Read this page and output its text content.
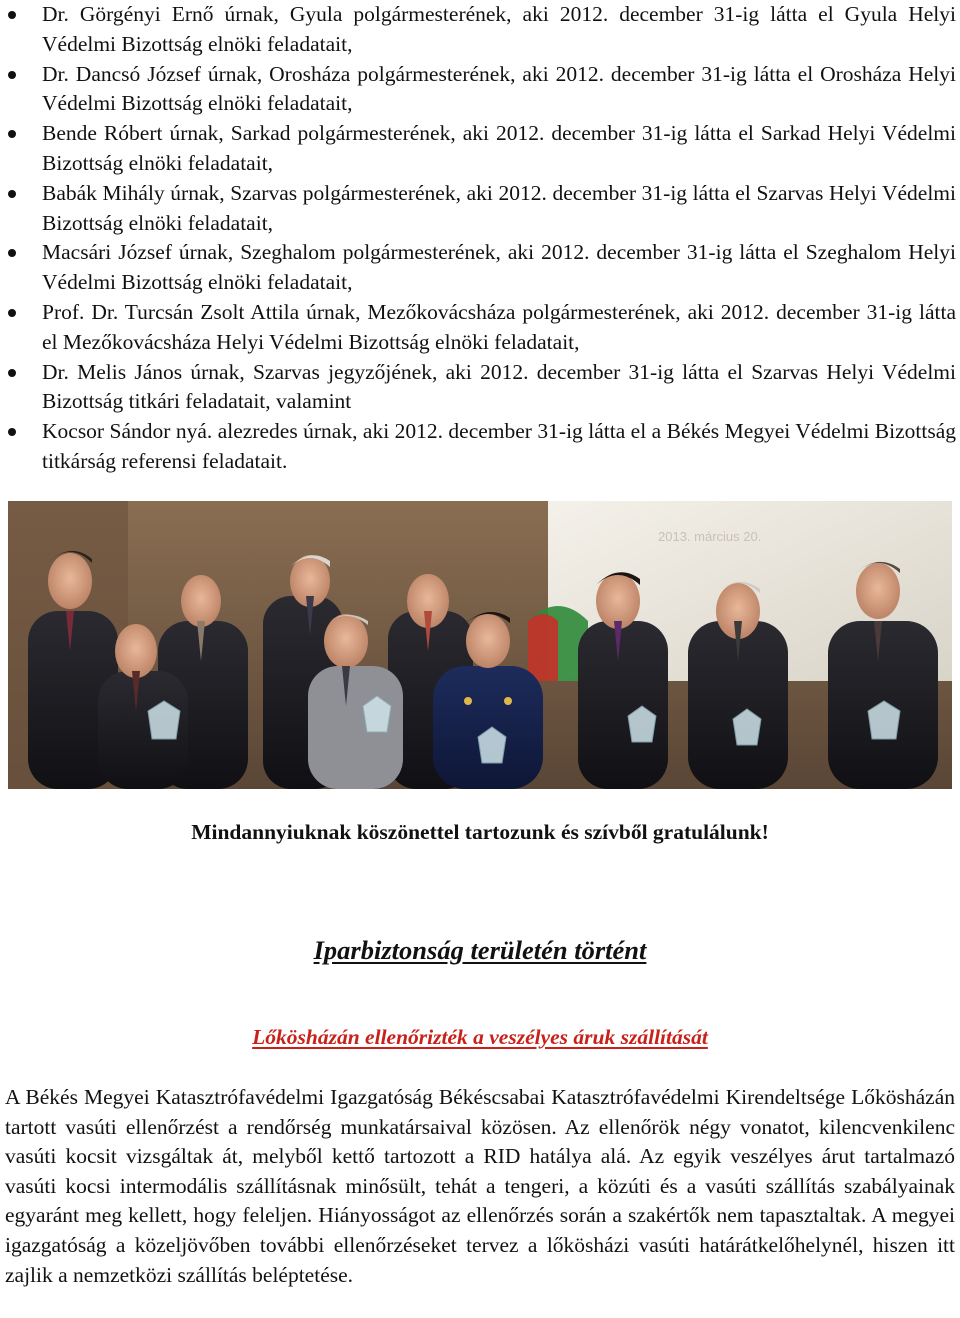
Dr. Görgényi Ernő úrnak, Gyula polgármesterének, aki 2012. december 31-ig látta el Gyula Helyi Védelmi Bizottság elnöki feladatait,
Dr. Dancsó József úrnak, Orosháza polgármesterének, aki 2012. december 31-ig látta el Orosháza Helyi Védelmi Bizottság elnöki feladatait,
Bende Róbert úrnak, Sarkad polgármesterének, aki 2012. december 31-ig látta el Sarkad Helyi Védelmi Bizottság elnöki feladatait,
Babák Mihály úrnak, Szarvas polgármesterének, aki 2012. december 31-ig látta el Szarvas Helyi Védelmi Bizottság elnöki feladatait,
Macsári József úrnak, Szeghalom polgármesterének, aki 2012. december 31-ig látta el Szeghalom Helyi Védelmi Bizottság elnöki feladatait,
Prof. Dr. Turcsán Zsolt Attila úrnak, Mezőkovácsháza polgármesterének, aki 2012. december 31-ig látta el Mezőkovácsháza Helyi Védelmi Bizottság elnöki feladatait,
Dr. Melis János úrnak, Szarvas jegyzőjének, aki 2012. december 31-ig látta el Szarvas Helyi Védelmi Bizottság titkári feladatait, valamint
Kocsor Sándor nyá. alezredes úrnak, aki 2012. december 31-ig látta el a Békés Megyei Védelmi Bizottság titkárság referensi feladatait.
2013. március 20.
Mindannyiuknak köszönettel tartozunk és szívből gratulálunk!
Iparbiztonság területén történt
Lőkösházán ellenőrizték a veszélyes áruk szállítását

A Békés Megyei Katasztrófavédelmi Igazgatóság Békéscsabai Katasztrófavédelmi Kirendeltsége Lőkösházán tartott vasúti ellenőrzést a rendőrség munkatársaival közösen. Az ellenőrök négy vonatot, kilencvenkilenc vasúti kocsit vizsgáltak át, melyből kettő tartozott a RID hatálya alá. Az egyik veszélyes árut tartalmazó vasúti kocsi intermodális szállításnak minősült, tehát a tengeri, a közúti és a vasúti szállítás szabályainak egyaránt meg kellett, hogy feleljen. Hiányosságot az ellenőrzés során a szakértők nem tapasztaltak. A megyei igazgatóság a közeljövőben további ellenőrzéseket tervez a lőkösházi vasúti határátkelőhelynél, hiszen itt zajlik a nemzetközi szállítás beléptetése.
